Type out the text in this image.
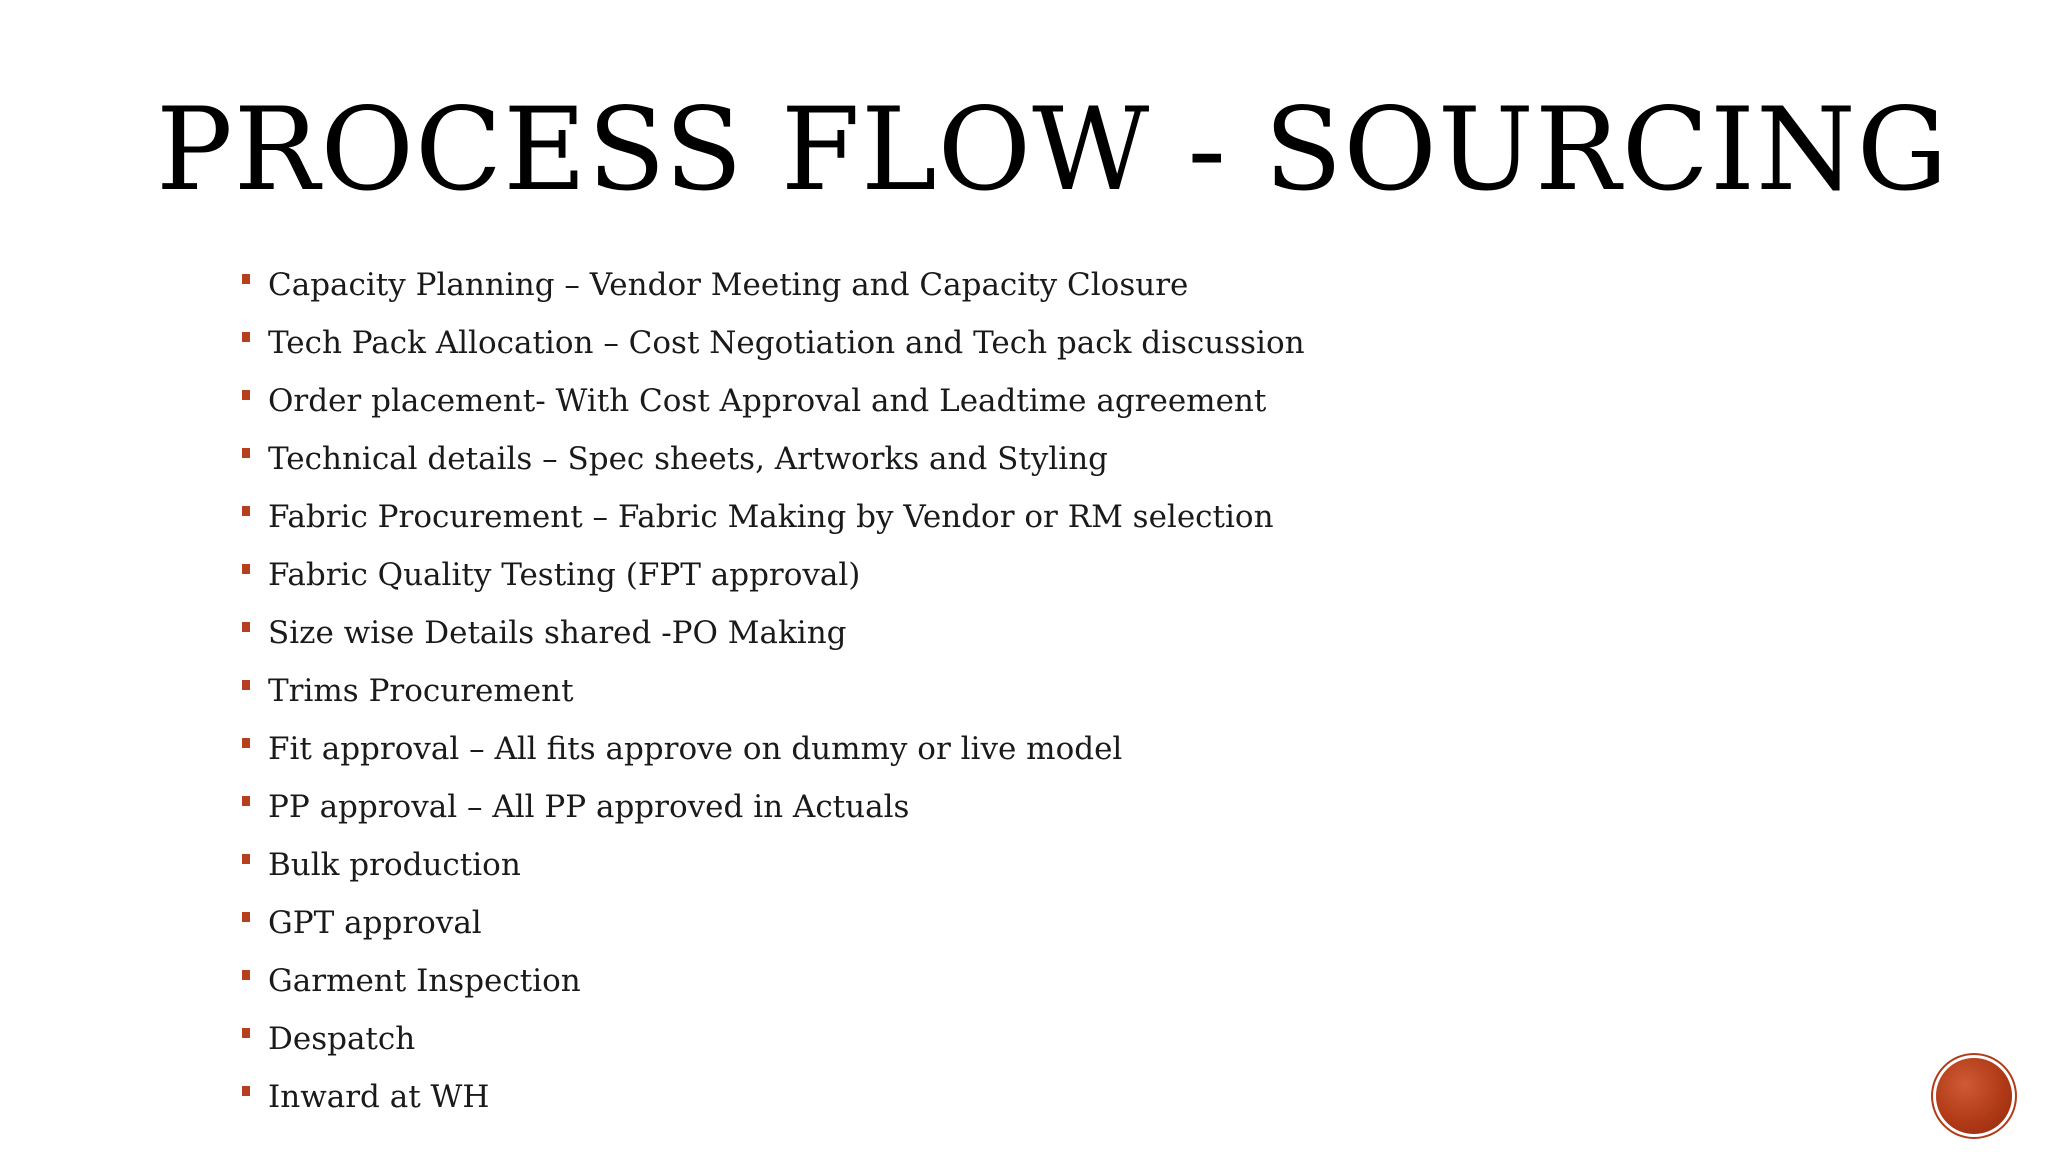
PROCESS FLOW - SOURCING
Capacity Planning – Vendor Meeting and Capacity Closure
Tech Pack Allocation – Cost Negotiation and Tech pack discussion
Order placement- With Cost Approval and Leadtime agreement
Technical details – Spec sheets, Artworks and Styling
Fabric Procurement – Fabric Making by Vendor or RM selection
Fabric Quality Testing (FPT approval)
Size wise Details shared -PO Making
Trims Procurement
Fit approval – All fits approve on dummy or live model
PP approval – All PP approved in Actuals
Bulk production
GPT approval
Garment Inspection
Despatch
Inward at WH
